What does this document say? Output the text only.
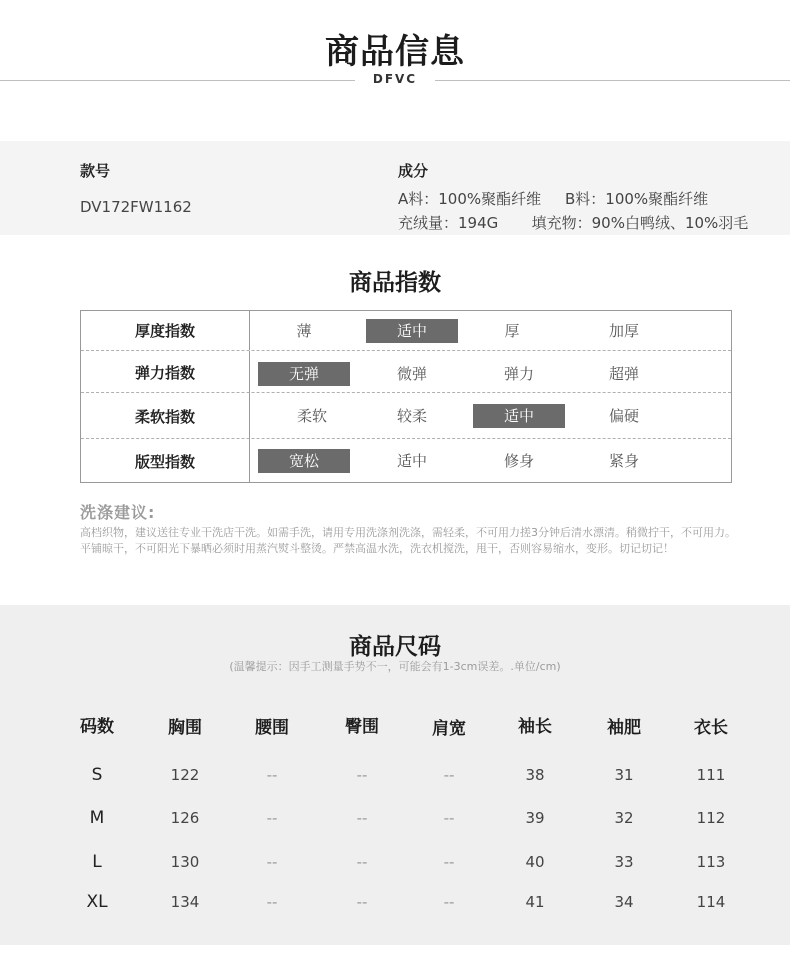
商品信息
DFVC
款号
DV172FW1162
成分
A料：100%聚酯纤维     B料：100%聚酯纤维
充绒量：194G       填充物：90%白鸭绒、10%羽毛
商品指数
厚度指数	薄	适中	厚	加厚
弹力指数	无弹	微弹	弹力	超弹
柔软指数	柔软	较柔	适中	偏硬
版型指数	宽松	适中	修身	紧身
洗涤建议:
高档织物，建议送往专业干洗店干洗。如需手洗，请用专用洗涤剂洗涤，需轻柔，不可用力搓3分钟后清水漂清。稍微拧干，不可用力。平铺晾干，不可阳光下暴晒必须时用蒸汽熨斗整烫。严禁高温水洗，洗衣机搅洗，甩干，否则容易缩水，变形。切记切记！
商品尺码
(温馨提示：因手工测量手势不一，可能会有1-3cm误差。.单位/cm)
码数	胸围	腰围	臀围	肩宽	袖长	袖肥	衣长
S	122	--	--	--	38	31	111
M	126	--	--	--	39	32	112
L	130	--	--	--	40	33	113
XL	134	--	--	--	41	34	114
